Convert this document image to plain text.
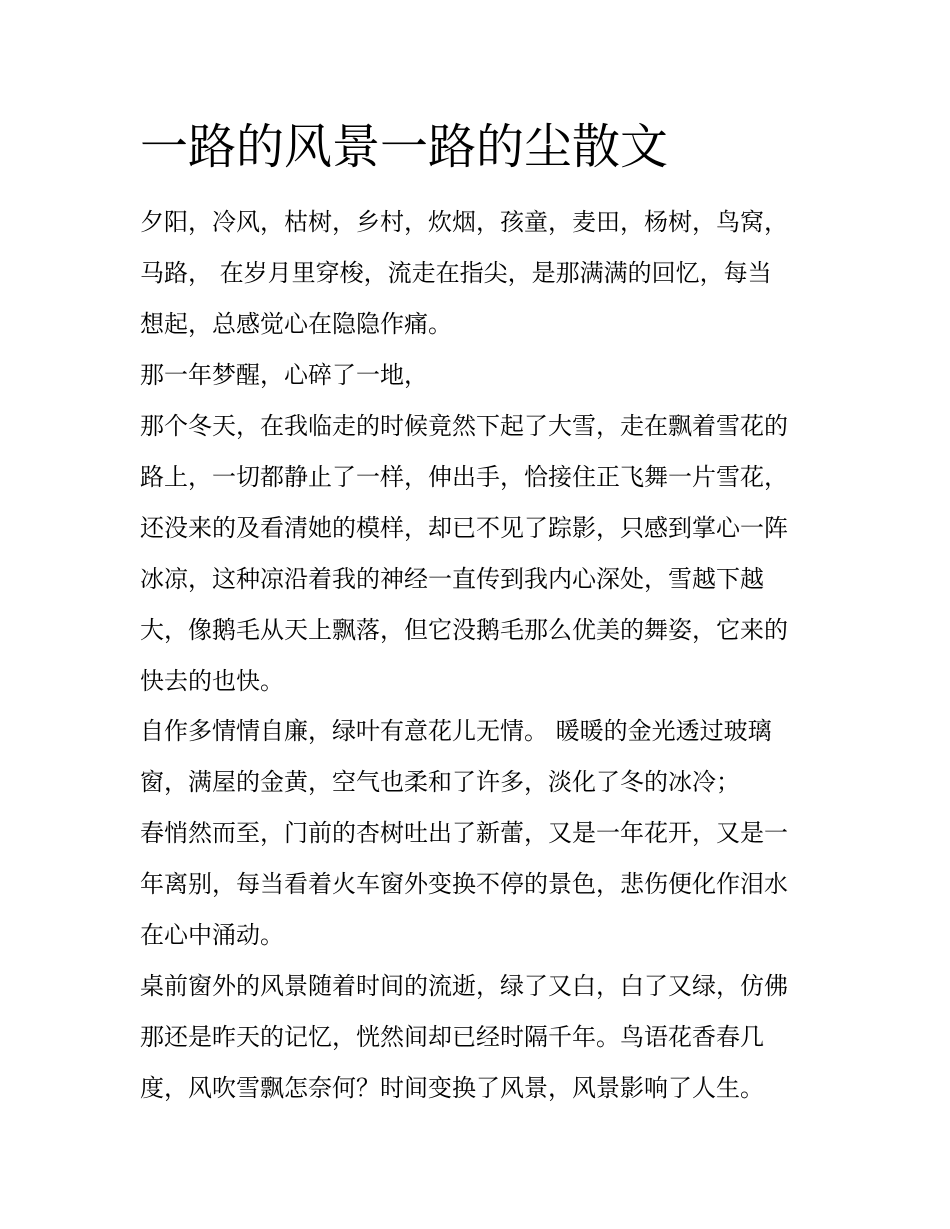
一路的风景一路的尘散文

夕阳，冷风，枯树，乡村，炊烟，孩童，麦田，杨树，鸟窝，

马路， 在岁月里穿梭，流走在指尖，是那满满的回忆，每当

想起，总感觉心在隐隐作痛。

那一年梦醒，心碎了一地，

那个冬天，在我临走的时候竟然下起了大雪，走在飘着雪花的

路上，一切都静止了一样，伸出手，恰接住正飞舞一片雪花，

还没来的及看清她的模样，却已不见了踪影，只感到掌心一阵

冰凉，这种凉沿着我的神经一直传到我内心深处，雪越下越

大，像鹅毛从天上飘落，但它没鹅毛那么优美的舞姿，它来的

快去的也快。

自作多情情自廉，绿叶有意花儿无情。 暖暖的金光透过玻璃

窗，满屋的金黄，空气也柔和了许多，淡化了冬的冰冷；

春悄然而至，门前的杏树吐出了新蕾，又是一年花开，又是一

年离别，每当看着火车窗外变换不停的景色，悲伤便化作泪水

在心中涌动。

桌前窗外的风景随着时间的流逝，绿了又白，白了又绿，仿佛

那还是昨天的记忆，恍然间却已经时隔千年。鸟语花香春几

度，风吹雪飘怎奈何？时间变换了风景，风景影响了人生。
